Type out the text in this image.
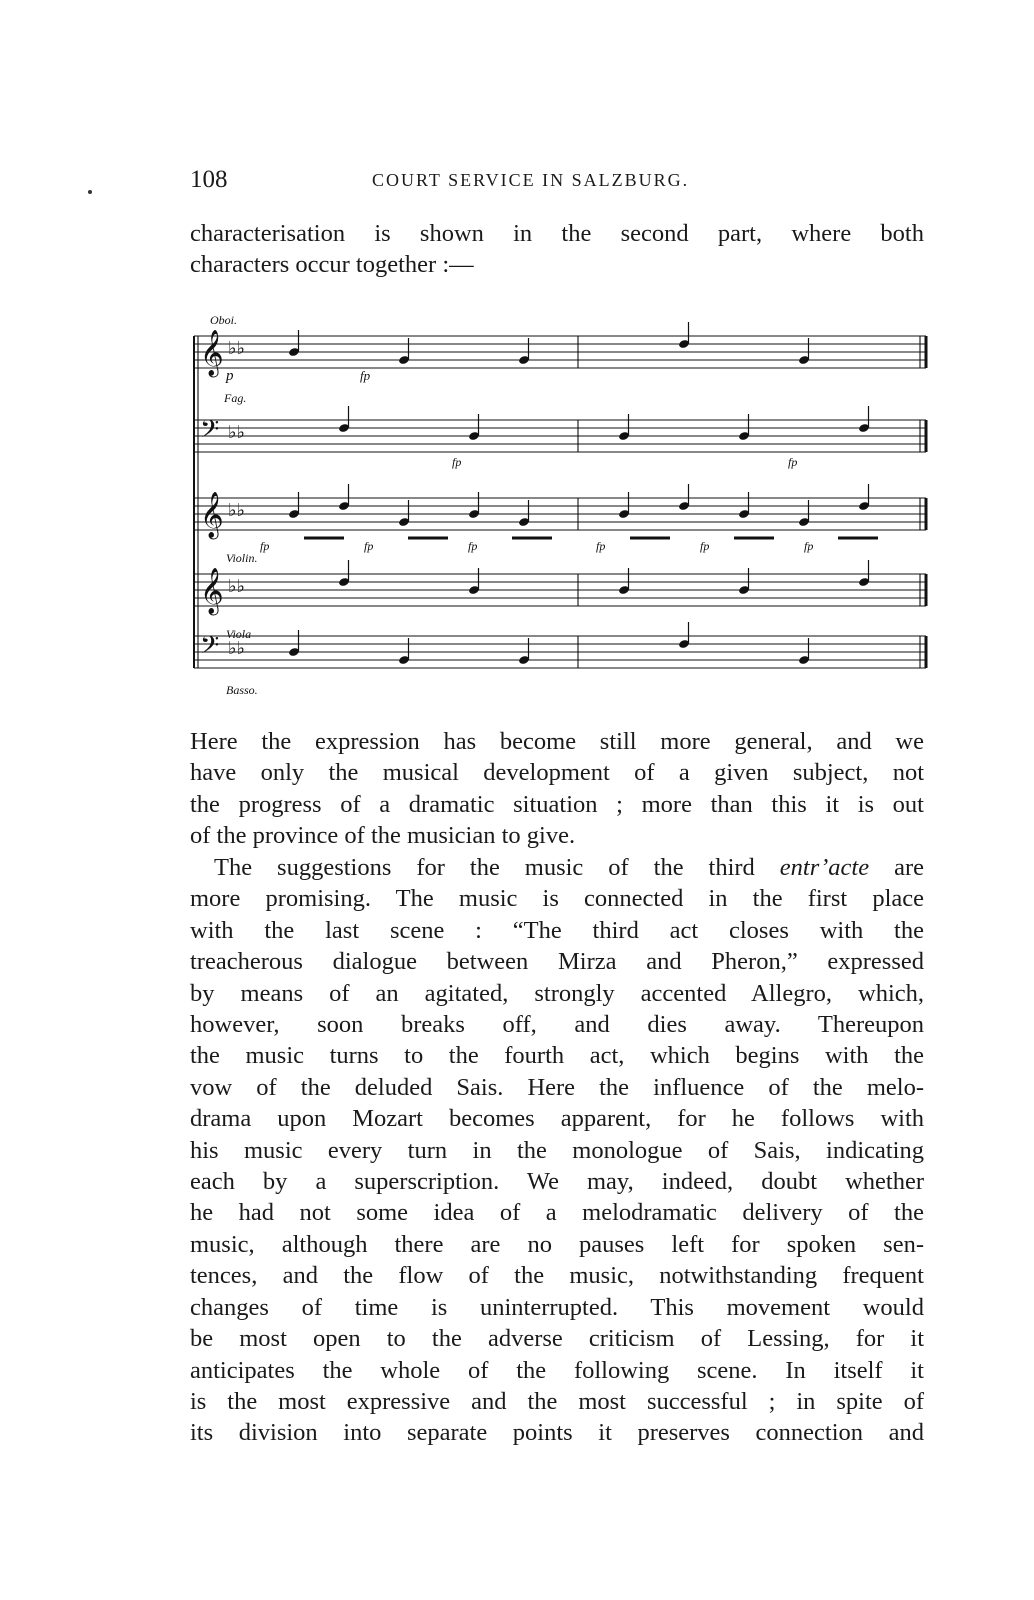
108	COURT SERVICE IN SALZBURG.
characterisation is shown in the second part, where both
characters occur together :—
𝄞 ♭♭
𝄢 ♭♭
𝄞 ♭♭
𝄞 ♭♭
𝄢 ♭♭
Oboi.
Fag.
Violin.
Viola
Basso.
p	fp
fp	fp
fp	fp	fp	fp	fp	fp
Here the expression has become still more general, and we
have only the musical development of a given subject, not
the progress of a dramatic situation ; more than this it is out
of the province of the musician to give.
The suggestions for the music of the third entr’acte are
more promising. The music is connected in the first place
with the last scene : “The third act closes with the
treacherous dialogue between Mirza and Pheron,” expressed
by means of an agitated, strongly accented Allegro, which,
however, soon breaks off, and dies away. Thereupon
the music turns to the fourth act, which begins with the
vow of the deluded Sais. Here the influence of the melo-
drama upon Mozart becomes apparent, for he follows with
his music every turn in the monologue of Sais, indicating
each by a superscription. We may, indeed, doubt whether
he had not some idea of a melodramatic delivery of the
music, although there are no pauses left for spoken sen-
tences, and the flow of the music, notwithstanding frequent
changes of time is uninterrupted. This movement would
be most open to the adverse criticism of Lessing, for it
anticipates the whole of the following scene. In itself it
is the most expressive and the most successful ; in spite of
its division into separate points it preserves connection and
